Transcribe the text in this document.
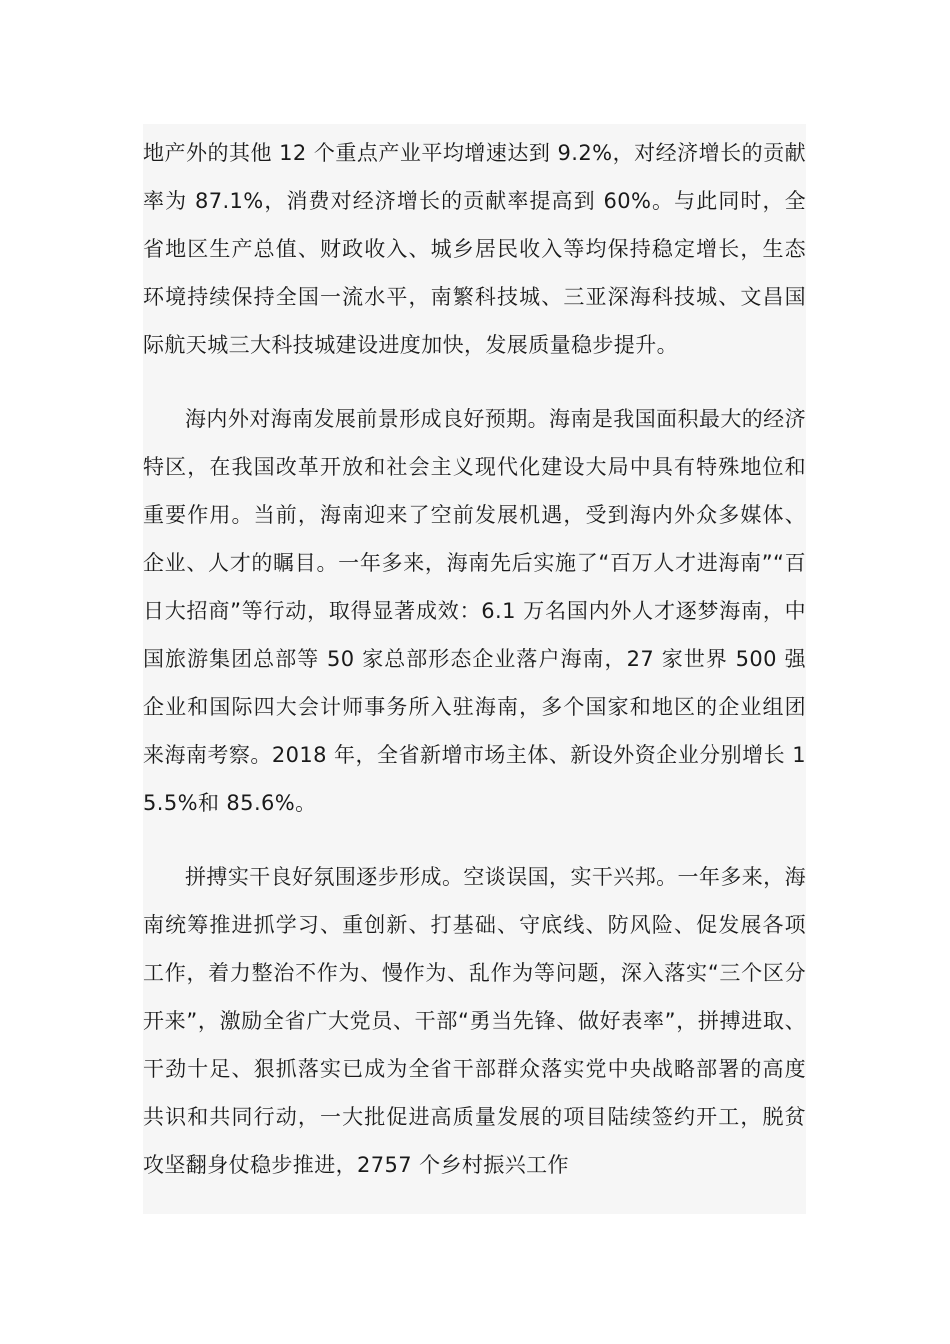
地产外的其他 12 个重点产业平均增速达到 9.2%，对经济增长的贡献率为 87.1%，消费对经济增长的贡献率提高到 60%。与此同时，全省地区生产总值、财政收入、城乡居民收入等均保持稳定增长，生态环境持续保持全国一流水平，南繁科技城、三亚深海科技城、文昌国际航天城三大科技城建设进度加快，发展质量稳步提升。

海内外对海南发展前景形成良好预期。海南是我国面积最大的经济特区，在我国改革开放和社会主义现代化建设大局中具有特殊地位和重要作用。当前，海南迎来了空前发展机遇，受到海内外众多媒体、企业、人才的瞩目。一年多来，海南先后实施了“百万人才进海南”“百日大招商”等行动，取得显著成效：6.1 万名国内外人才逐梦海南，中国旅游集团总部等 50 家总部形态企业落户海南，27 家世界 500 强企业和国际四大会计师事务所入驻海南，多个国家和地区的企业组团来海南考察。2018 年，全省新增市场主体、新设外资企业分别增长 15.5%和 85.6%。

拼搏实干良好氛围逐步形成。空谈误国，实干兴邦。一年多来，海南统筹推进抓学习、重创新、打基础、守底线、防风险、促发展各项工作，着力整治不作为、慢作为、乱作为等问题，深入落实“三个区分开来”，激励全省广大党员、干部“勇当先锋、做好表率”，拼搏进取、干劲十足、狠抓落实已成为全省干部群众落实党中央战略部署的高度共识和共同行动，一大批促进高质量发展的项目陆续签约开工，脱贫攻坚翻身仗稳步推进，2757 个乡村振兴工作
